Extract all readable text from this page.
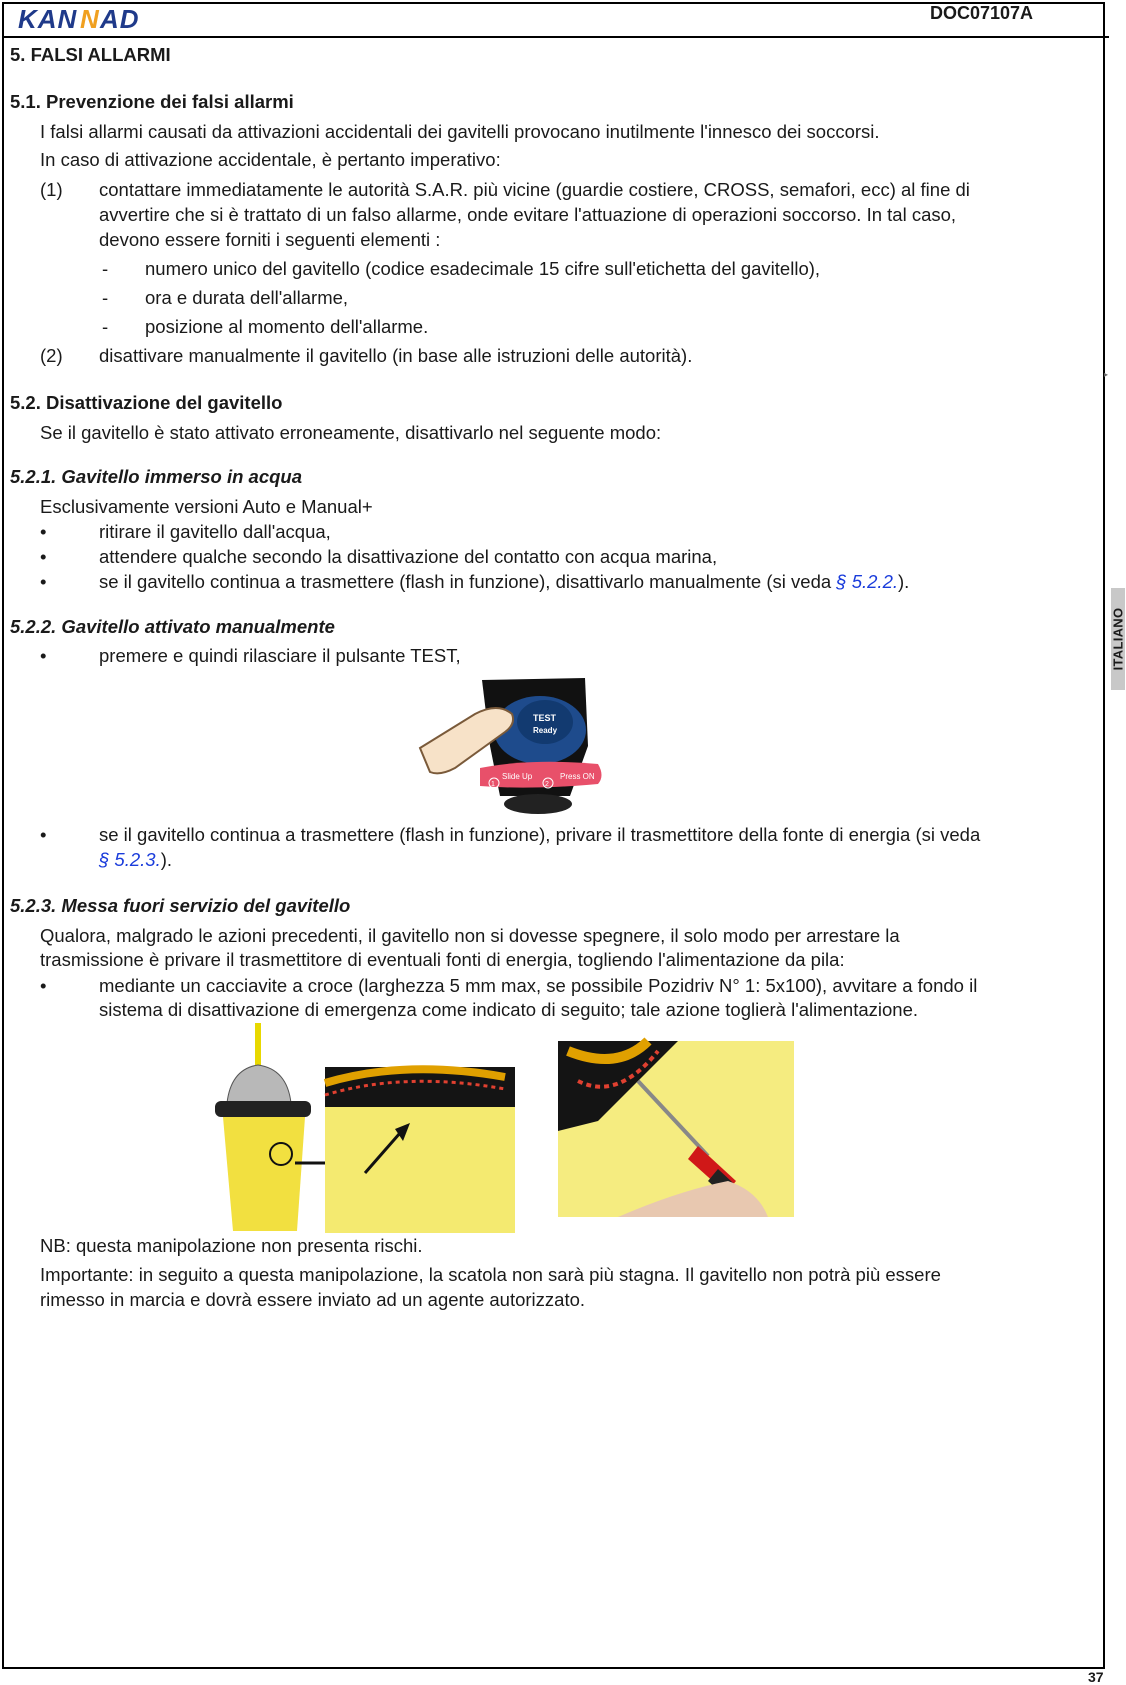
KAN N AD	DOC07107A
37
▸
ITALIANO
5. FALSI ALLARMI
5.1. Prevenzione dei falsi allarmi
I falsi allarmi causati da attivazioni accidentali dei gavitelli provocano inutilmente l'innesco dei soccorsi.
In caso di attivazione accidentale, è pertanto imperativo:
(1) contattare immediatamente le autorità S.A.R. più vicine (guardie costiere, CROSS, semafori, ecc) al fine di
avvertire che si è trattato di un falso allarme, onde evitare l'attuazione di operazioni soccorso. In tal caso,
devono essere forniti i seguenti elementi :
- numero unico del gavitello (codice esadecimale 15 cifre sull'etichetta del gavitello),
- ora e durata dell'allarme,
- posizione al momento dell'allarme.
(2) disattivare manualmente il gavitello (in base alle istruzioni delle autorità).
5.2. Disattivazione del gavitello
Se il gavitello è stato attivato erroneamente, disattivarlo nel seguente modo:
5.2.1. Gavitello immerso in acqua
Esclusivamente versioni Auto e Manual+
•	ritirare il gavitello dall'acqua,
•	attendere qualche secondo la disattivazione del contatto con acqua marina,
•	se il gavitello continua a trasmettere (flash in funzione), disattivarlo manualmente (si veda § 5.2.2.).
5.2.2. Gavitello attivato manualmente
•	premere e quindi rilasciare il pulsante TEST,
TEST
Ready
Slide Up	Press ON
1	2
•	se il gavitello continua a trasmettere (flash in funzione), privare il trasmettitore della fonte di energia (si veda
§ 5.2.3.).
5.2.3. Messa fuori servizio del gavitello
Qualora, malgrado le azioni precedenti, il gavitello non si dovesse spegnere, il solo modo per arrestare la
trasmissione è privare il trasmettitore di eventuali fonti di energia, togliendo l'alimentazione da pila:
•	mediante un cacciavite a croce (larghezza 5 mm max, se possibile Pozidriv N° 1: 5x100), avvitare a fondo il
sistema di disattivazione di emergenza come indicato di seguito; tale azione toglierà l'alimentazione.
NB: questa manipolazione non presenta rischi.
Importante: in seguito a questa manipolazione, la scatola non sarà più stagna. Il gavitello non potrà più essere
rimesso in marcia e dovrà essere inviato ad un agente autorizzato.
